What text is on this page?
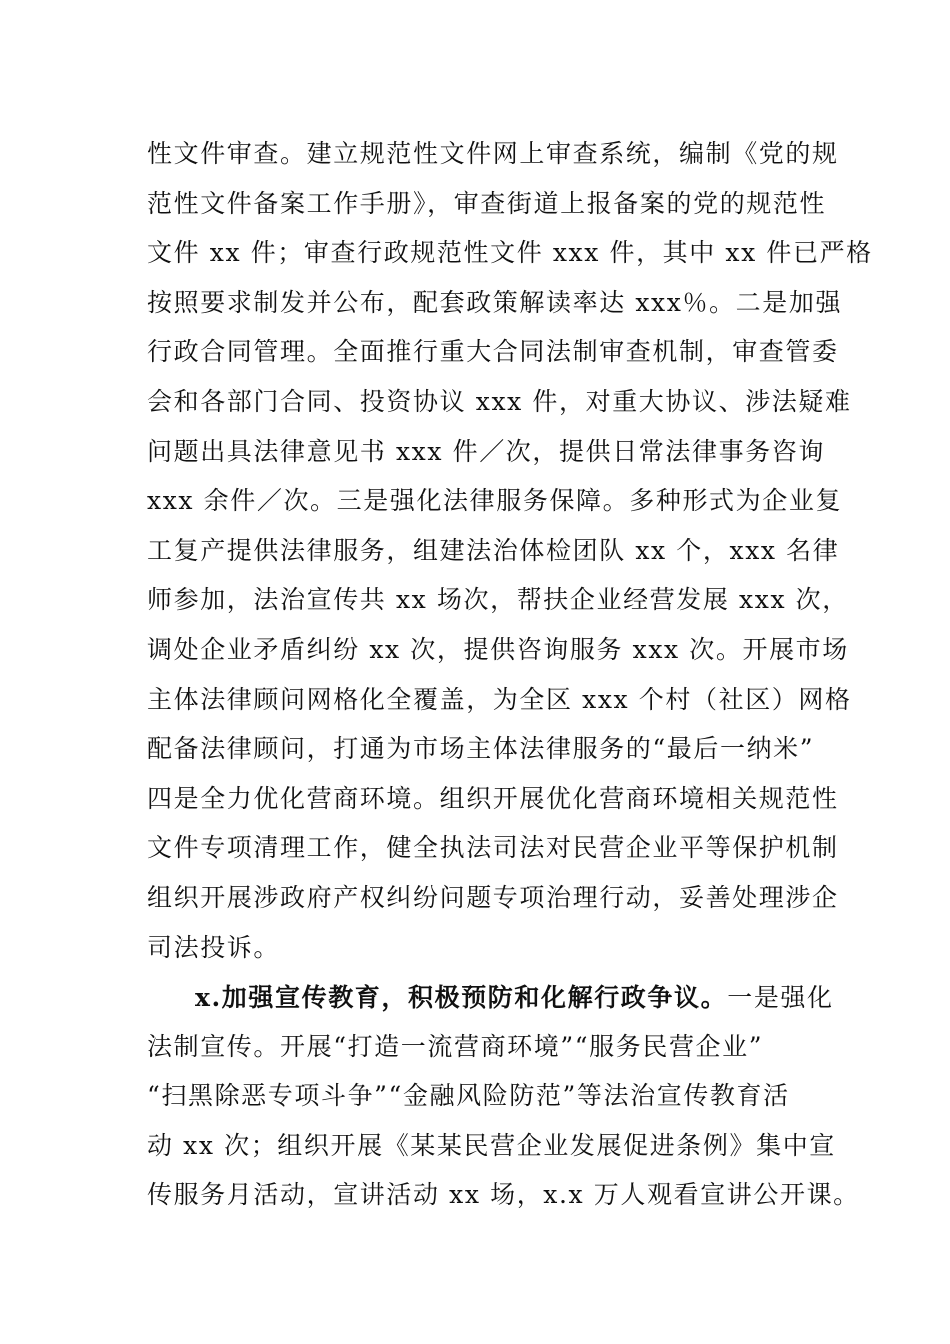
性文件审查。建立规范性文件网上审查系统，编制《党的规
范性文件备案工作手册》，审查街道上报备案的党的规范性
文件 xx 件；审查行政规范性文件 xxx 件，其中 xx 件已严格
按照要求制发并公布，配套政策解读率达 xxx％。二是加强
行政合同管理。全面推行重大合同法制审查机制，审查管委
会和各部门合同、投资协议 xxx 件，对重大协议、涉法疑难
问题出具法律意见书 xxx 件／次，提供日常法律事务咨询
xxx 余件／次。三是强化法律服务保障。多种形式为企业复
工复产提供法律服务，组建法治体检团队 xx 个，xxx 名律
师参加，法治宣传共 xx 场次，帮扶企业经营发展 xxx 次，
调处企业矛盾纠纷 xx 次，提供咨询服务 xxx 次。开展市场
主体法律顾问网格化全覆盖，为全区 xxx 个村（社区）网格
配备法律顾问，打通为市场主体法律服务的“最后一纳米”
四是全力优化营商环境。组织开展优化营商环境相关规范性
文件专项清理工作，健全执法司法对民营企业平等保护机制
组织开展涉政府产权纠纷问题专项治理行动，妥善处理涉企
司法投诉。
x.加强宣传教育，积极预防和化解行政争议。一是强化
法制宣传。开展“打造一流营商环境”“服务民营企业”
“扫黑除恶专项斗争”“金融风险防范”等法治宣传教育活
动 xx 次；组织开展《某某民营企业发展促进条例》集中宣
传服务月活动，宣讲活动 xx 场，x.x 万人观看宣讲公开课。
